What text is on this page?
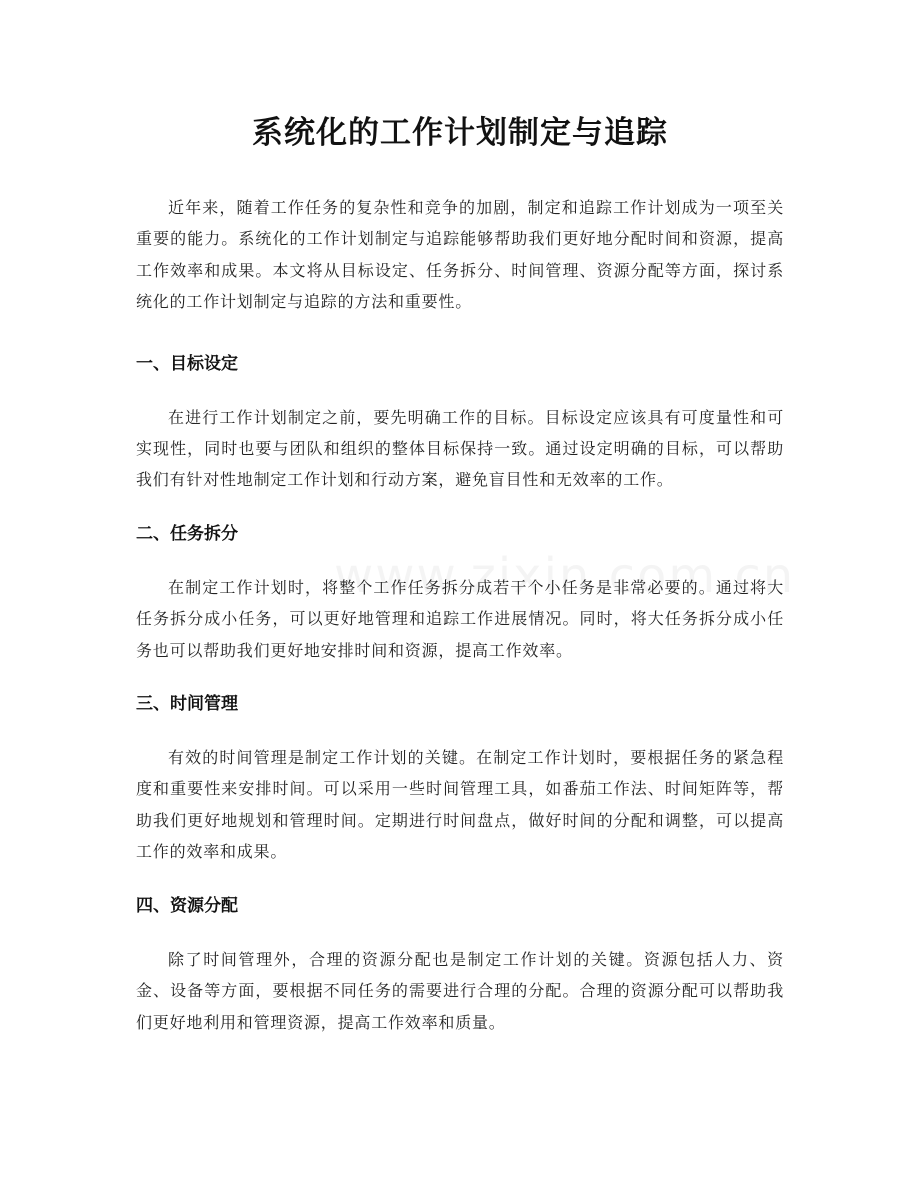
系统化的工作计划制定与追踪

近年来，随着工作任务的复杂性和竞争的加剧，制定和追踪工作计划成为一项至关重要的能力。系统化的工作计划制定与追踪能够帮助我们更好地分配时间和资源，提高工作效率和成果。本文将从目标设定、任务拆分、时间管理、资源分配等方面，探讨系统化的工作计划制定与追踪的方法和重要性。

一、目标设定

在进行工作计划制定之前，要先明确工作的目标。目标设定应该具有可度量性和可实现性，同时也要与团队和组织的整体目标保持一致。通过设定明确的目标，可以帮助我们有针对性地制定工作计划和行动方案，避免盲目性和无效率的工作。

二、任务拆分

在制定工作计划时，将整个工作任务拆分成若干个小任务是非常必要的。通过将大任务拆分成小任务，可以更好地管理和追踪工作进展情况。同时，将大任务拆分成小任务也可以帮助我们更好地安排时间和资源，提高工作效率。

三、时间管理

有效的时间管理是制定工作计划的关键。在制定工作计划时，要根据任务的紧急程度和重要性来安排时间。可以采用一些时间管理工具，如番茄工作法、时间矩阵等，帮助我们更好地规划和管理时间。定期进行时间盘点，做好时间的分配和调整，可以提高工作的效率和成果。

四、资源分配

除了时间管理外，合理的资源分配也是制定工作计划的关键。资源包括人力、资金、设备等方面，要根据不同任务的需要进行合理的分配。合理的资源分配可以帮助我们更好地利用和管理资源，提高工作效率和质量。
